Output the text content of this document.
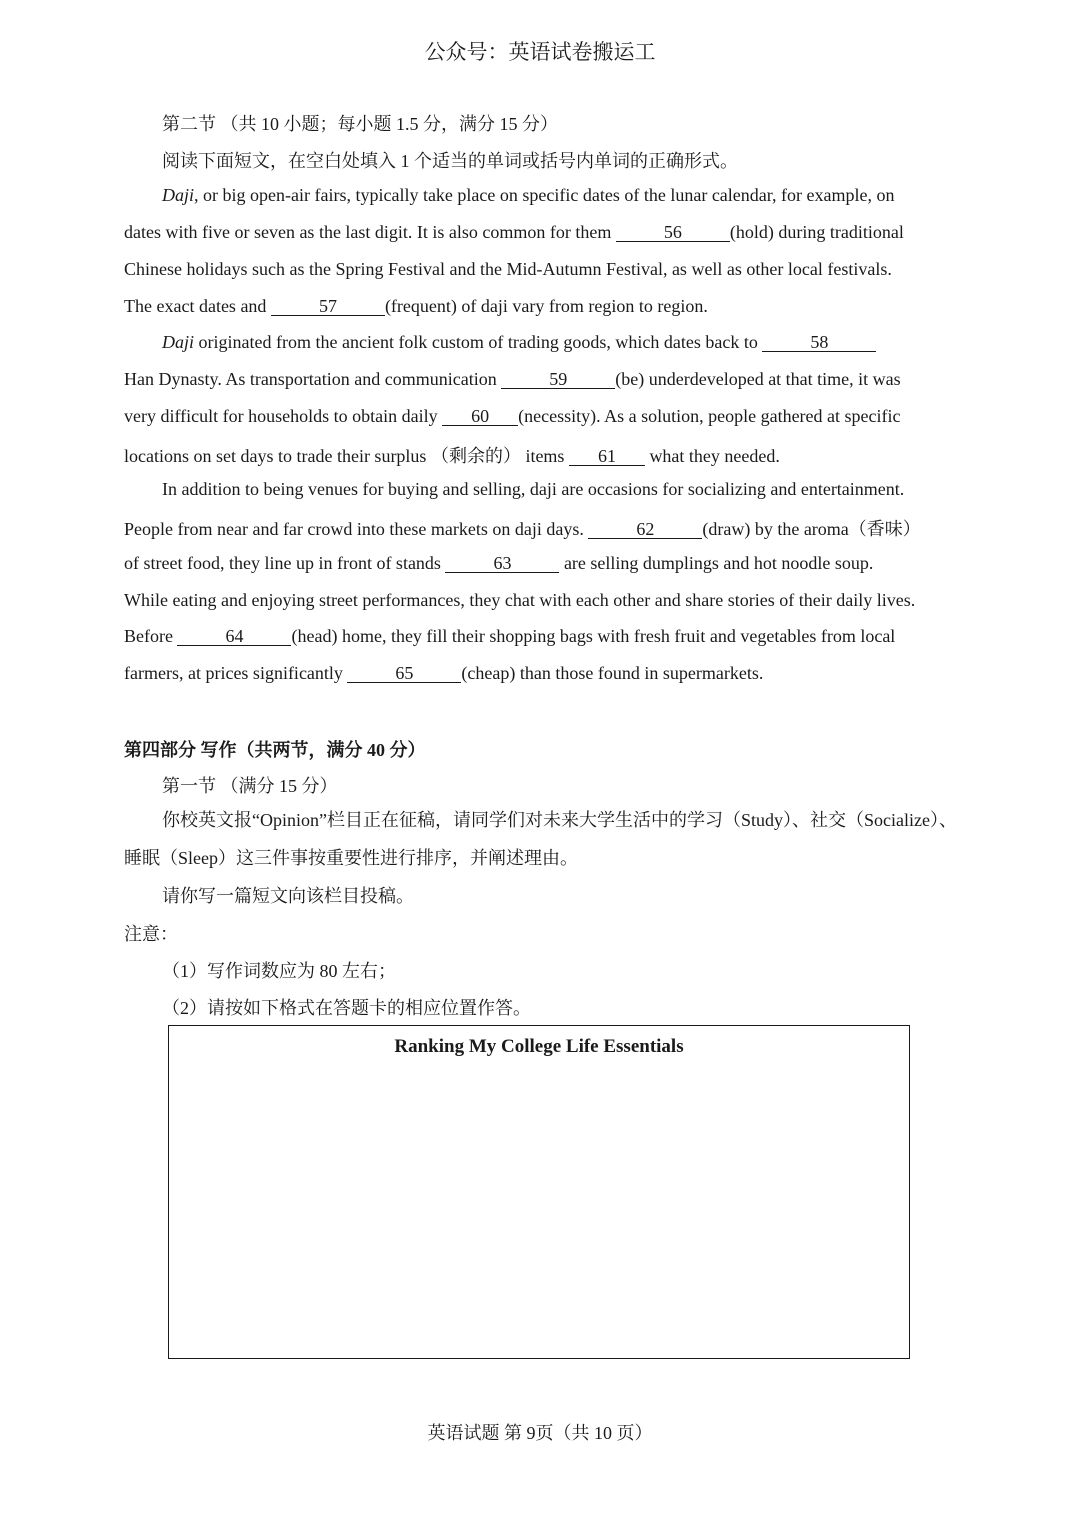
公众号：英语试卷搬运工
第二节 （共 10 小题；每小题 1.5 分，满分 15 分）
阅读下面短文，在空白处填入 1 个适当的单词或括号内单词的正确形式。
Daji, or big open-air fairs, typically take place on specific dates of the lunar calendar, for example, on
dates with five or seven as the last digit. It is also common for them	56	(hold) during traditional
Chinese holidays such as the Spring Festival and the Mid-Autumn Festival, as well as other local festivals.
The exact dates and	57	(frequent) of daji vary from region to region.
Daji originated from the ancient folk custom of trading goods, which dates back to	58
Han Dynasty. As transportation and communication	59	(be) underdeveloped at that time, it was
very difficult for households to obtain daily 60 (necessity). As a solution, people gathered at specific
locations on set days to trade their surplus （剩余的） items 61 what they needed.
In addition to being venues for buying and selling, daji are occasions for socializing and entertainment.
People from near and far crowd into these markets on daji days.	62	(draw) by the aroma（香味）
of street food, they line up in front of stands	63	are selling dumplings and hot noodle soup.
While eating and enjoying street performances, they chat with each other and share stories of their daily lives.
Before	64	(head) home, they fill their shopping bags with fresh fruit and vegetables from local
farmers, at prices significantly	65	(cheap) than those found in supermarkets.
第四部分 写作（共两节，满分 40 分）
第一节 （满分 15 分）
你校英文报“Opinion”栏目正在征稿，请同学们对未来大学生活中的学习（Study）、社交（Socialize）、
睡眠（Sleep）这三件事按重要性进行排序，并阐述理由。
请你写一篇短文向该栏目投稿。
注意：
（1）写作词数应为 80 左右；
（2）请按如下格式在答题卡的相应位置作答。
Ranking My College Life Essentials
英语试题 第 9页（共 10 页）
